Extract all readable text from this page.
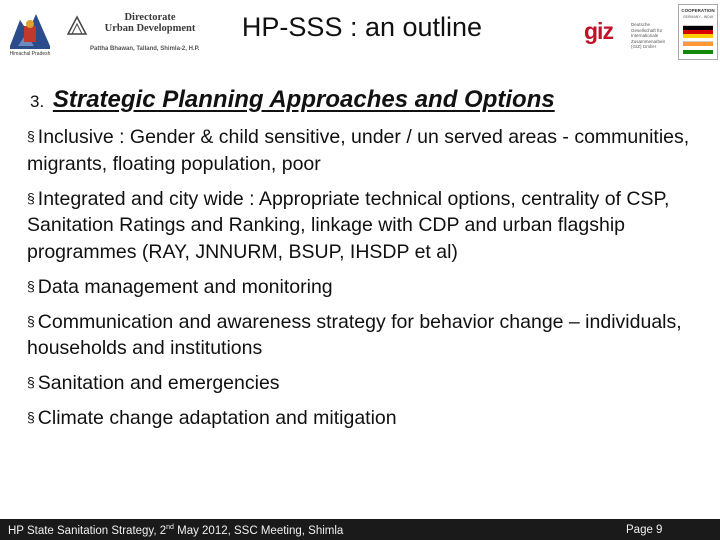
Himachal Pradesh
Directorate
Urban Development
Pattha Bhawan, Talland, Shimla-2, H.P.
HP-SSS : an outline	giz	Deutsche Gesellschaft für Internationale Zusammenarbeit (GIZ) GmbH
COOPERATION
GERMANY - INDIA
3. Strategic Planning Approaches and Options
§ Inclusive : Gender & child sensitive, under / un served areas - communities, migrants, floating population, poor
§ Integrated and city wide : Appropriate technical options, centrality of CSP, Sanitation Ratings and Ranking, linkage with CDP and urban flagship programmes (RAY, JNNURM, BSUP, IHSDP et al)
§ Data management and monitoring
§ Communication and awareness strategy for behavior change – individuals, households and institutions
§ Sanitation and emergencies
§ Climate change adaptation and mitigation
HP State Sanitation Strategy, 2nd May 2012, SSC Meeting, Shimla	Page 9
